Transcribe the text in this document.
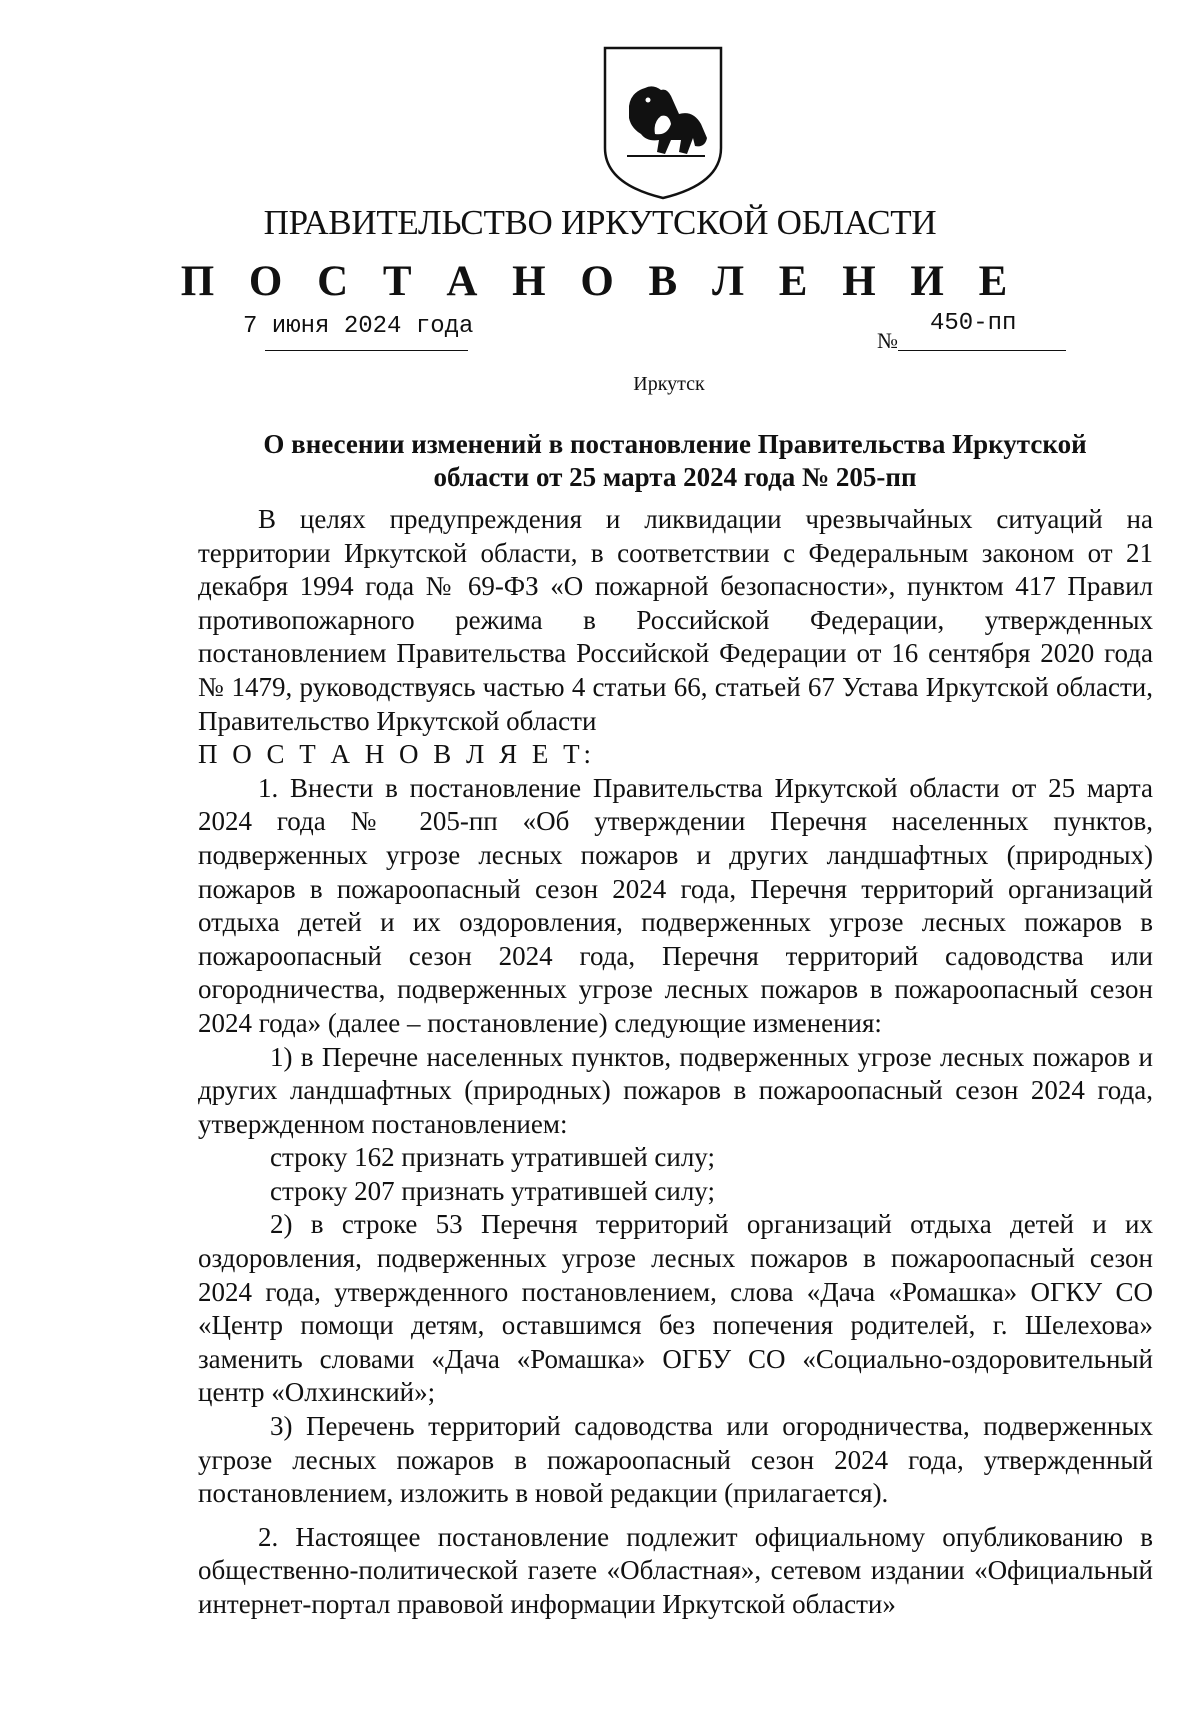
ПРАВИТЕЛЬСТВО ИРКУТСКОЙ ОБЛАСТИ
П О С Т А Н О В Л Е Н И Е
7 июня 2024 года
№
450-пп
Иркутск
О внесении изменений в постановление Правительства Иркутской
области от 25 марта 2024 года № 205-пп

В целях предупреждения и ликвидации чрезвычайных ситуаций на территории Иркутской области, в соответствии с Федеральным законом от 21 декабря 1994 года № 69-ФЗ «О пожарной безопасности», пунктом 417 Правил противопожарного режима в Российской Федерации, утвержденных постановлением Правительства Российской Федерации от 16 сентября 2020 года № 1479, руководствуясь частью 4 статьи 66, статьей 67 Устава Иркутской области, Правительство Иркутской области

П О С Т А Н О В Л Я Е Т:

1. Внести в постановление Правительства Иркутской области от 25 марта 2024 года № 205-пп «Об утверждении Перечня населенных пунктов, подверженных угрозе лесных пожаров и других ландшафтных (природных) пожаров в пожароопасный сезон 2024 года, Перечня территорий организаций отдыха детей и их оздоровления, подверженных угрозе лесных пожаров в пожароопасный сезон 2024 года, Перечня территорий садоводства или огородничества, подверженных угрозе лесных пожаров в пожароопасный сезон 2024 года» (далее – постановление) следующие изменения:

1) в Перечне населенных пунктов, подверженных угрозе лесных пожаров и других ландшафтных (природных) пожаров в пожароопасный сезон 2024 года, утвержденном постановлением:

строку 162 признать утратившей силу;

строку 207 признать утратившей силу;

2) в строке 53 Перечня территорий организаций отдыха детей и их оздоровления, подверженных угрозе лесных пожаров в пожароопасный сезон 2024 года, утвержденного постановлением, слова «Дача «Ромашка» ОГКУ СО «Центр помощи детям, оставшимся без попечения родителей, г. Шелехова» заменить словами «Дача «Ромашка» ОГБУ СО «Социально-оздоровительный центр «Олхинский»;

3) Перечень территорий садоводства или огородничества, подверженных угрозе лесных пожаров в пожароопасный сезон 2024 года, утвержденный постановлением, изложить в новой редакции (прилагается).

2. Настоящее постановление подлежит официальному опубликованию в общественно-политической газете «Областная», сетевом издании «Официальный интернет-портал правовой информации Иркутской области»
